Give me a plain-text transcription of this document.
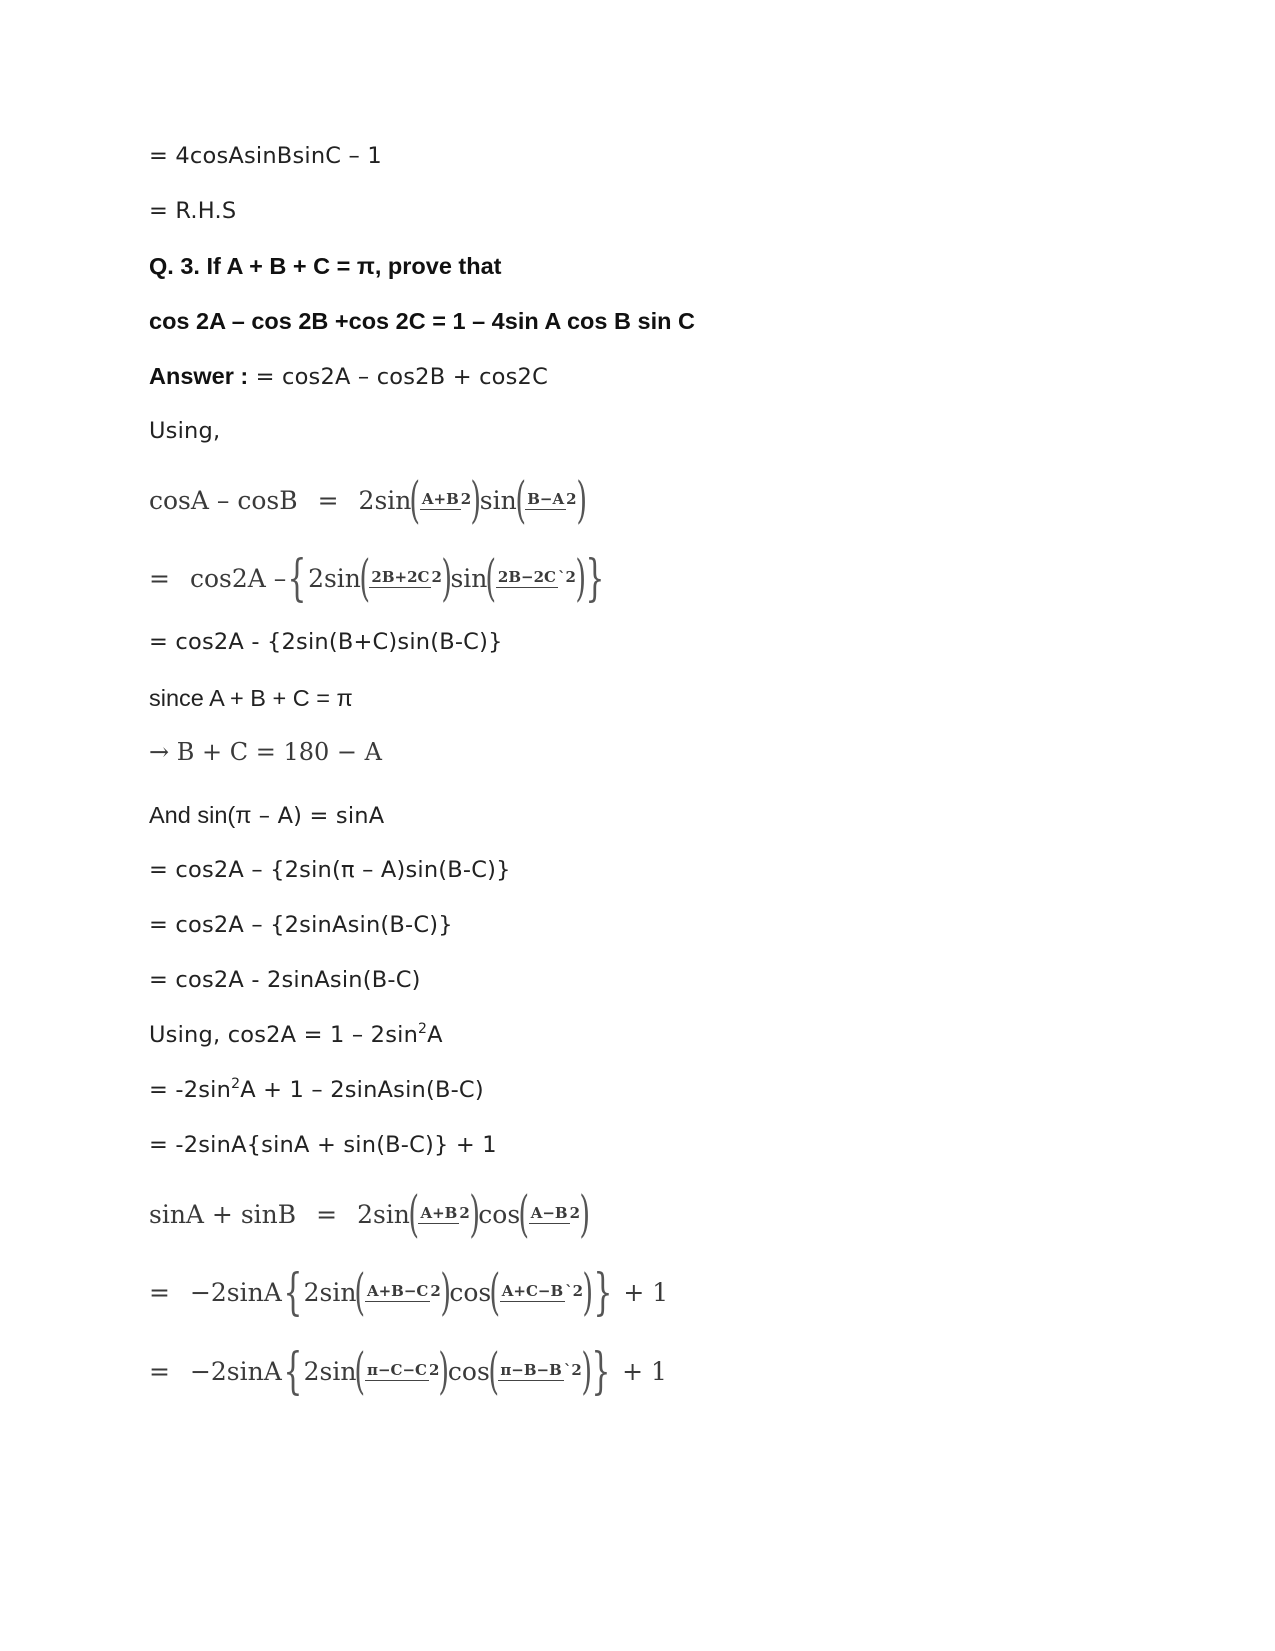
= 4cosAsinBsinC – 1
= R.H.S
Q. 3. If A + B + C = π, prove that
cos 2A – cos 2B +cos 2C = 1 – 4sin A cos B sin C
Answer : = cos2A – cos2B + cos2C
Using,
cosA – cosB = 2sin
( A+B 2 )
sin
( B−A 2 )
= cos2A – { 2sin
( 2B+2C 2 )
sin
( 2B−2C `2 ) }
= cos2A - {2sin(B+C)sin(B-C)}
since A + B + C = π
→ B + C = 180 − A
And sin(π – A) = sinA
= cos2A – {2sin(π – A)sin(B-C)}
= cos2A – {2sinAsin(B-C)}
= cos2A - 2sinAsin(B-C)
Using, $\cos 2A = 1 - 2\sin^2A$
= $-2\sin^2A + 1$ – 2sinAsin(B-C)
= -2sinA{sinA + sin(B-C)} + 1
sinA + sinB = 2sin
( A+B 2 )
cos
( A−B 2 )
= −2sinA { 2sin
( A+B−C 2 )
cos
( A+C−B `2 ) } + 1
= −2sinA { 2sin
( π−C−C 2 )
cos
( π−B−B `2 ) } + 1
